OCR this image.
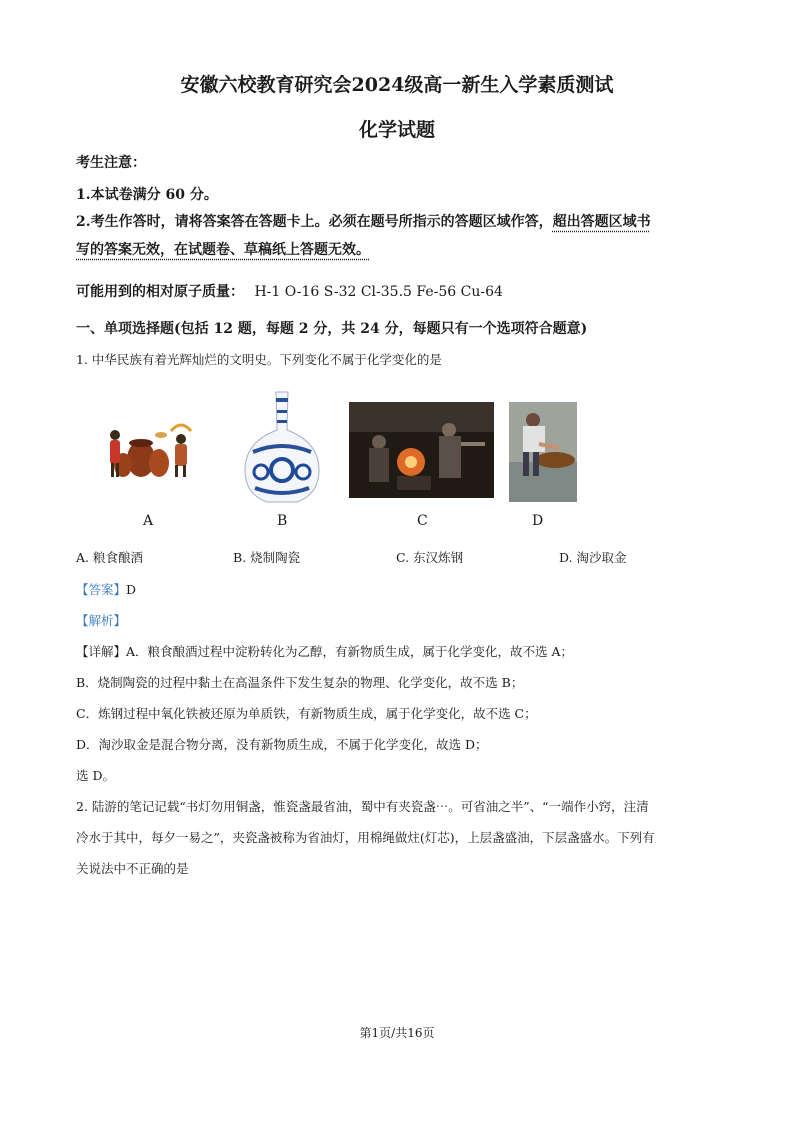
安徽六校教育研究会2024级高一新生入学素质测试
化学试题
考生注意：
1.本试卷满分 60 分。
2.考生作答时，请将答案答在答题卡上。必须在题号所指示的答题区域作答，超出答题区域书
写的答案无效，在试题卷、草稿纸上答题无效。
可能用到的相对原子质量： H-1 O-16 S-32 Cl-35.5 Fe-56 Cu-64
一、单项选择题(包括 12 题，每题 2 分，共 24 分，每题只有一个选项符合题意)
1. 中华民族有着光辉灿烂的文明史。下列变化不属于化学变化的是
A	B	C	D
A. 粮食酿酒	B. 烧制陶瓷	C. 东汉炼钢	D. 淘沙取金
【答案】D
【解析】
【详解】A．粮食酿酒过程中淀粉转化为乙醇，有新物质生成，属于化学变化，故不选 A；
B．烧制陶瓷的过程中黏土在高温条件下发生复杂的物理、化学变化，故不选 B；
C．炼钢过程中氧化铁被还原为单质铁，有新物质生成，属于化学变化，故不选 C；
D．淘沙取金是混合物分离，没有新物质生成，不属于化学变化，故选 D；
选 D。
2. 陆游的笔记记载“书灯勿用铜盏，惟瓷盏最省油，蜀中有夹瓷盏⋯。可省油之半”、“一端作小窍，注清
冷水于其中，每夕一易之”，夹瓷盏被称为省油灯，用棉绳做炷(灯芯)，上层盏盛油，下层盏盛水。下列有
关说法中不正确的是
第1页/共16页
